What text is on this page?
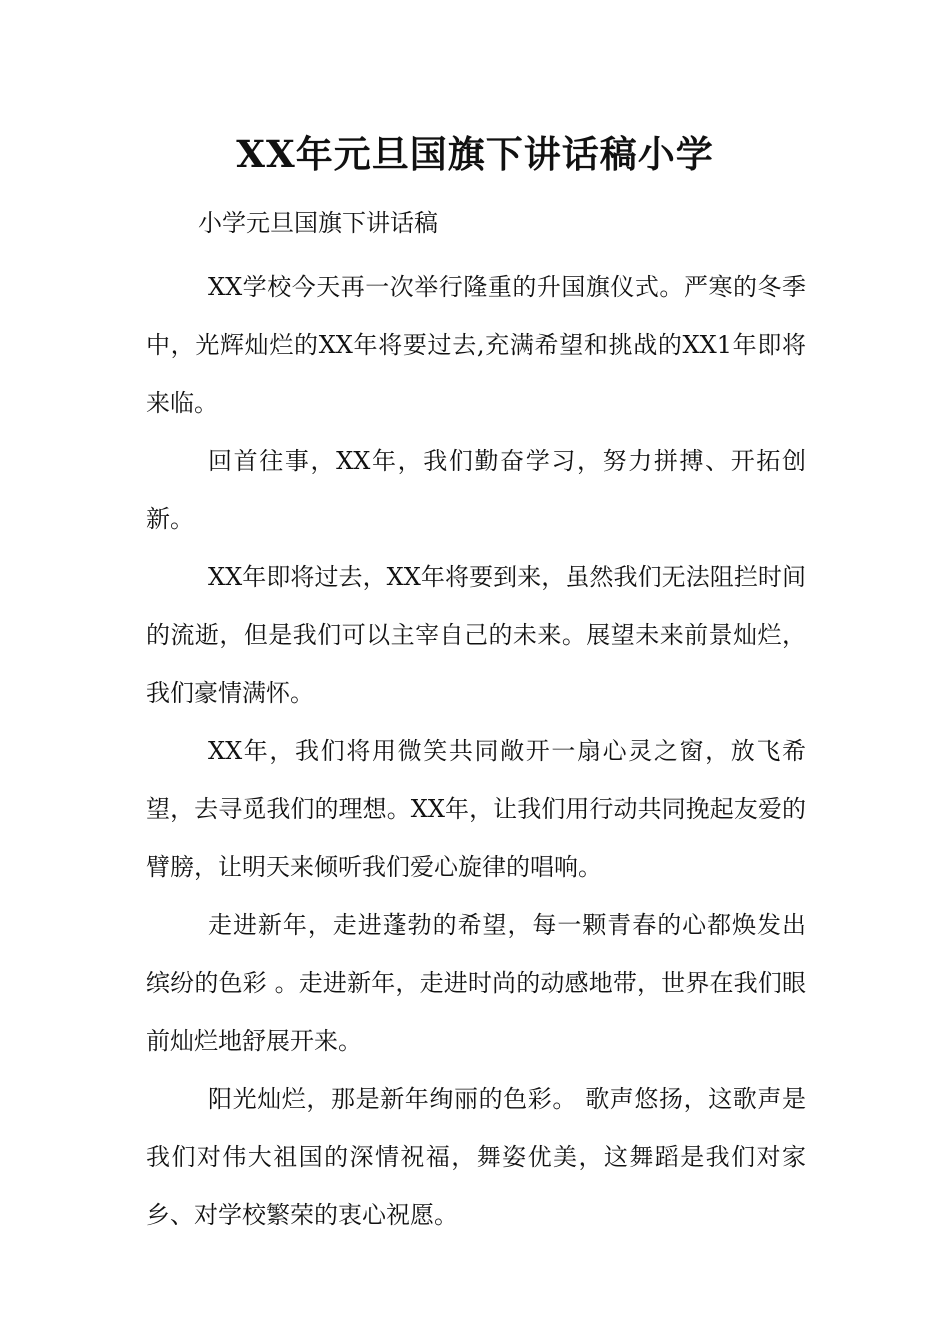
XX年元旦国旗下讲话稿小学

小学元旦国旗下讲话稿

XX学校今天再一次举行隆重的升国旗仪式。严寒的冬季中，光辉灿烂的XX年将要过去,充满希望和挑战的XX1年即将来临。

回首往事，XX年，我们勤奋学习，努力拼搏、开拓创新。

XX年即将过去，XX年将要到来，虽然我们无法阻拦时间的流逝，但是我们可以主宰自己的未来。展望未来前景灿烂，我们豪情满怀。

XX年，我们将用微笑共同敞开一扇心灵之窗，放飞希望，去寻觅我们的理想。XX年，让我们用行动共同挽起友爱的臂膀，让明天来倾听我们爱心旋律的唱响。

走进新年，走进蓬勃的希望，每一颗青春的心都焕发出缤纷的色彩 。走进新年，走进时尚的动感地带，世界在我们眼前灿烂地舒展开来。

阳光灿烂，那是新年绚丽的色彩。 歌声悠扬，这歌声是我们对伟大祖国的深情祝福，舞姿优美，这舞蹈是我们对家乡、对学校繁荣的衷心祝愿。
